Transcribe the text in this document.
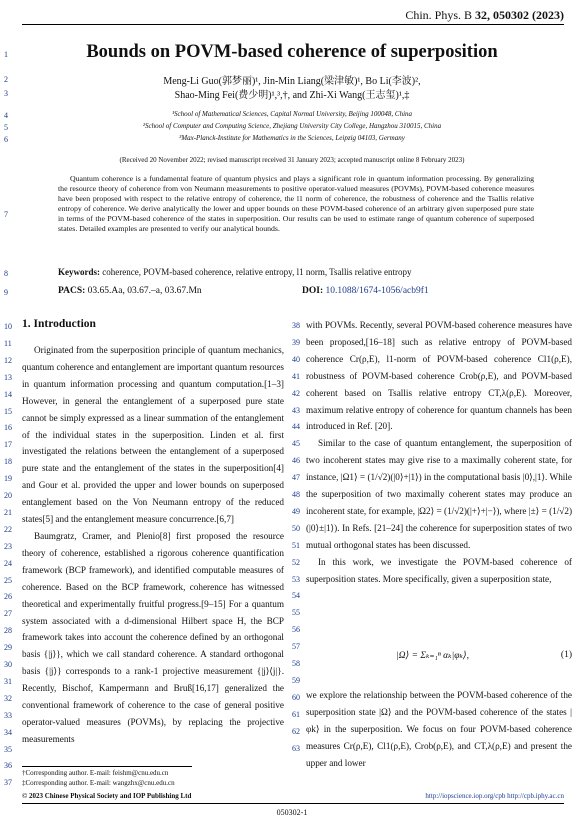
Chin. Phys. B 32, 050302 (2023)
1
2
3
4
5
6
7
8
9
Bounds on POVM-based coherence of superposition
Meng-Li Guo(郭梦丽)¹, Jin-Min Liang(梁津敏)¹, Bo Li(李波)²,
Shao-Ming Fei(费少明)¹,³,†, and Zhi-Xi Wang(王志玺)¹,‡
¹School of Mathematical Sciences, Capital Normal University, Beijing 100048, China
²School of Computer and Computing Science, Zhejiang University City College, Hangzhou 310015, China
³Max-Planck-Institute for Mathematics in the Sciences, Leipzig 04103, Germany
(Received 20 November 2022; revised manuscript received 31 January 2023; accepted manuscript online 8 February 2023)
Quantum coherence is a fundamental feature of quantum physics and plays a significant role in quantum information processing. By generalizing the resource theory of coherence from von Neumann measurements to positive operator-valued measures (POVMs), POVM-based coherence measures have been proposed with respect to the relative entropy of coherence, the l1 norm of coherence, the robustness of coherence and the Tsallis relative entropy of coherence. We derive analytically the lower and upper bounds on these POVM-based coherence of an arbitrary given superposed pure state in terms of the POVM-based coherence of the states in superposition. Our results can be used to estimate range of quantum coherence of superposed states. Detailed examples are presented to verify our analytical bounds.
Keywords: coherence, POVM-based coherence, relative entropy, l1 norm, Tsallis relative entropy
PACS: 03.65.Aa, 03.67.–a, 03.67.Mn	DOI: 10.1088/1674-1056/acb9f1
10
11
12
13
14
15
16
17
18
19
20
21
22
23
24
25
26
27
28
29
30
31
32
33
34
35
36
37
38
39
40
41
42
43
44
45
46
47
48
49
50
51
52
53
54
55
56
57
58
59
60
61
62
63
1. Introduction

Originated from the superposition principle of quantum mechanics, quantum coherence and entanglement are important quantum resources in quantum information processing and quantum computation.[1–3] However, in general the entanglement of a superposed pure state cannot be simply expressed as a linear summation of the entanglement of the individual states in the superposition. Linden et al. first investigated the relations between the entanglement of a superposed pure state and the entanglement of the states in the superposition[4] and Gour et al. provided the upper and lower bounds on superposed entanglement based on the Von Neumann entropy of the reduced states[5] and the entanglement measure concurrence.[6,7]

Baumgratz, Cramer, and Plenio[8] first proposed the resource theory of coherence, established a rigorous coherence quantification framework (BCP framework), and identified computable measures of coherence. Based on the BCP framework, coherence has witnessed theoretical and experimentally fruitful progress.[9–15] For a quantum system associated with a d-dimensional Hilbert space H, the BCP framework takes into account the coherence defined by an orthogonal basis {|j⟩}, which we call standard coherence. A standard orthogonal basis {|j⟩} corresponds to a rank-1 projective measurement {|j⟩⟨j|}. Recently, Bischof, Kampermann and Bruß[16,17] generalized the conventional framework of coherence to the case of general positive operator-valued measures (POVMs), by replacing the projective measurements

with POVMs. Recently, several POVM-based coherence measures have been proposed,[16–18] such as relative entropy of POVM-based coherence Cr(ρ,E), l1-norm of POVM-based coherence Cl1(ρ,E), robustness of POVM-based coherence Crob(ρ,E), and POVM-based coherent based on Tsallis relative entropy CT,λ(ρ,E). Moreover, maximum relative entropy of coherence for quantum channels has been introduced in Ref. [20].

Similar to the case of quantum entanglement, the superposition of two incoherent states may give rise to a maximally coherent state, for instance, |Ω1⟩ = (1/√2)(|0⟩+|1⟩) in the computational basis |0⟩,|1⟩. While the superposition of two maximally coherent states may produce an incoherent state, for example, |Ω2⟩ = (1/√2)(|+⟩+|−⟩), where |±⟩ = (1/√2)(|0⟩±|1⟩). In Refs. [21–24] the coherence for superposition states of two mutual orthogonal states has been discussed.

In this work, we investigate the POVM-based coherence of superposition states. More specifically, given a superposition state,

|Ω⟩ = Σₖ₌₁ⁿ αₖ|φₖ⟩,	(1)
we explore the relationship between the POVM-based coherence of the superposition state |Ω⟩ and the POVM-based coherence of the states |φk⟩ in the superposition. We focus on four POVM-based coherence measures Cr(ρ,E), Cl1(ρ,E), Crob(ρ,E), and CT,λ(ρ,E) and present the upper and lower
†Corresponding author. E-mail: feishm@cnu.edu.cn
‡Corresponding author. E-mail: wangzhx@cnu.edu.cn
© 2023 Chinese Physical Society and IOP Publishing Ltd	http://iopscience.iop.org/cpb http://cpb.iphy.ac.cn
050302-1
